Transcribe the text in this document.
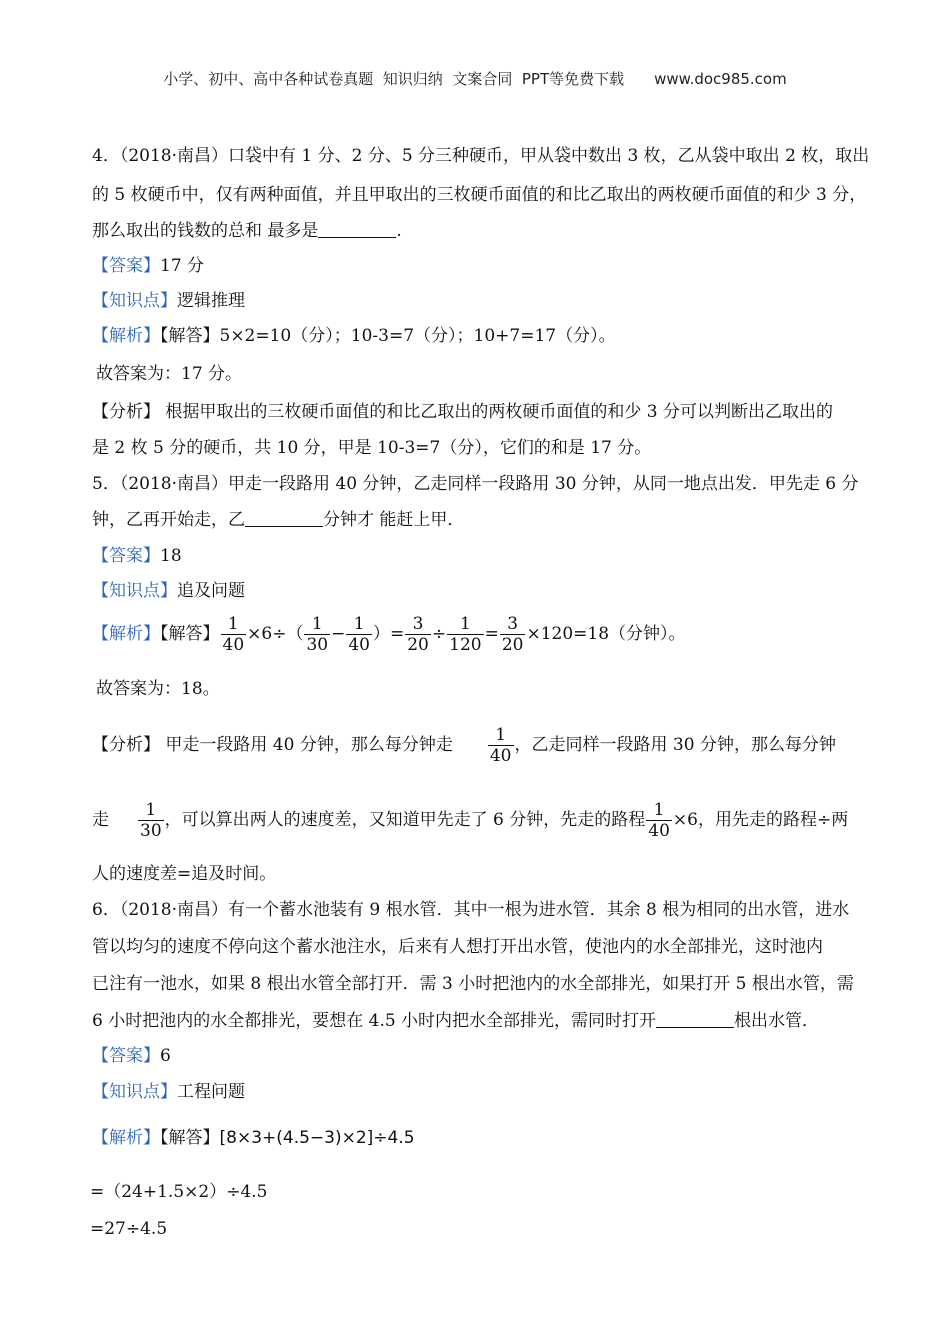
小学、初中、高中各种试卷真题  知识归纳  文案合同  PPT等免费下载 www.doc985.com
4．（2018·南昌）口袋中有 1 分、2 分、5 分三种硬币，甲从袋中数出 3 枚，乙从袋中取出 2 枚，取出
的 5 枚硬币中，仅有两种面值，并且甲取出的三枚硬币面值的和比乙取出的两枚硬币面值的和少 3 分，
那么取出的钱数的总和 最多是	.
【答案】17 分
【知识点】逻辑推理
【解析】【解答】5×2=10（分）；10-3=7（分）；10+7=17（分）。
故答案为：17 分。
【分析】 根据甲取出的三枚硬币面值的和比乙取出的两枚硬币面值的和少 3 分可以判断出乙取出的
是 2 枚 5 分的硬币，共 10 分，甲是 10-3=7（分），它们的和是 17 分。
5．（2018·南昌）甲走一段路用 40 分钟，乙走同样一段路用 30 分钟，从同一地点出发．甲先走 6 分
钟，乙再开始走，乙	分钟才 能赶上甲．
【答案】18
【知识点】追及问题
【解析】【解答】 $\frac{1}{40} \times 6\div( \frac{1}{30} - \frac{1}{40}$ ）= $\frac{3}{20} \div \frac{1}{120} = \frac{3}{20} \times 120=18$（分钟）。
故答案为：18。
【分析】 甲走一段路用 40 分钟，那么每分钟走 $\frac{1}{40}$ ，乙走同样一段路用 30 分钟，那么每分钟
走 $\frac{1}{30}$ ，可以算出两人的速度差，又知道甲先走了 6 分钟，先走的路程 $\frac{1}{40} \times 6$，用先走的路程÷两
人的速度差=追及时间。
6．（2018·南昌）有一个蓄水池装有 9 根水管．其中一根为进水管．其余 8 根为相同的出水管，进水
管以均匀的速度不停向这个蓄水池注水，后来有人想打开出水管，使池内的水全部排光，这时池内
已注有一池水，如果 8 根出水管全部打开．需 3 小时把池内的水全部排光，如果打开 5 根出水管，需
6 小时把池内的水全都排光，要想在 4.5 小时内把水全部排光，需同时打开	根出水管．
【答案】6
【知识点】工程问题
【解析】【解答】[8×3+(4.5−3)×2]÷4.5
=（24+1.5×2）÷4.5
=27÷4.5
